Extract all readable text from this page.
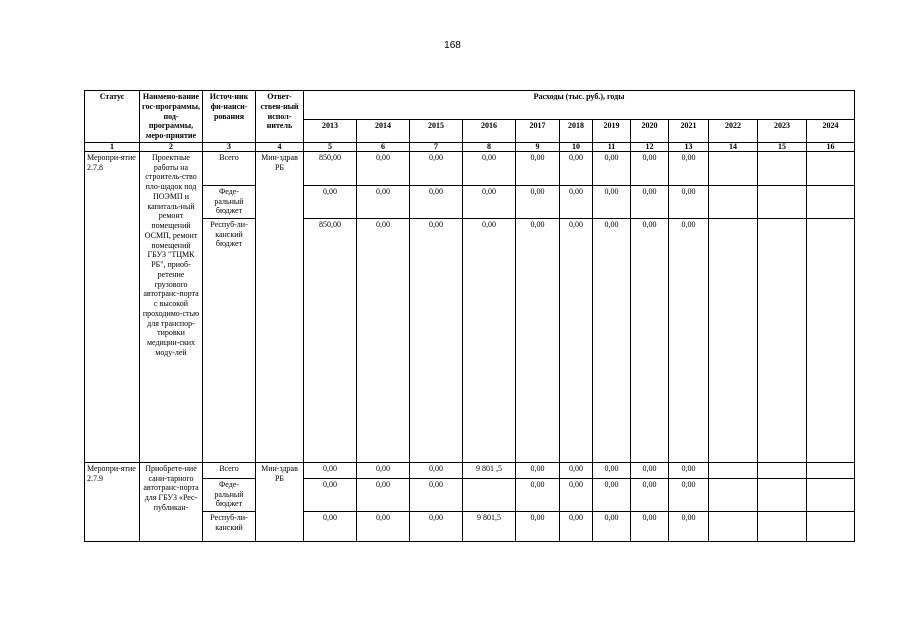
168
Статус	Наимено-вание гос-программы, под-программы, меро-приятие	Источ-ник фи-нанси-рования	Ответ-ствен-ный испол-нитель	Расходы (тыс. руб.), годы											
				2013	2014	2015	2016	2017	2018	2019	2020	2021	2022	2023	2024
1	2	3	4	5	6	7	8	9	10	11	12	13	14	15	16
Меропри-ятие 2.7.8	Проектные работы на строитель-ство пло-щадок под ПОЭМП и капиталь-ный ремонт помещений ОСМП, ремонт помещений ГБУЗ "ТЦМК РБ", приоб-ретение грузового автотранс-порта с высокой проходимо-стью для транспор-тировки медицин-ских моду-лей	Всего	Мин-здрав РБ	850,00	0,00	0,00	0,00	0,00	0,00	0,00	0,00	0,00			
		Феде-ральный бюджет		0,00	0,00	0,00	0,00	0,00	0,00	0,00	0,00	0,00			
		Респуб-ли-канский бюджет		850,00	0,00	0,00	0,00	0,00	0,00	0,00	0,00	0,00			
Меропри-ятие 2.7.9	Приобрете-ние сани-тарного автотранс-порта для ГБУЗ «Рес-публикан-	Всего	Мин-здрав РБ	0,00	0,00	0,00	9 801 ,5	0,00	0,00	0,00	0,00	0,00			
		Феде-ральный бюджет		0,00	0,00	0,00		0,00	0,00	0,00	0,00	0,00			
		Респуб-ли-канский		0,00	0,00	0,00	9 801,5	0,00	0,00	0,00	0,00	0,00			
